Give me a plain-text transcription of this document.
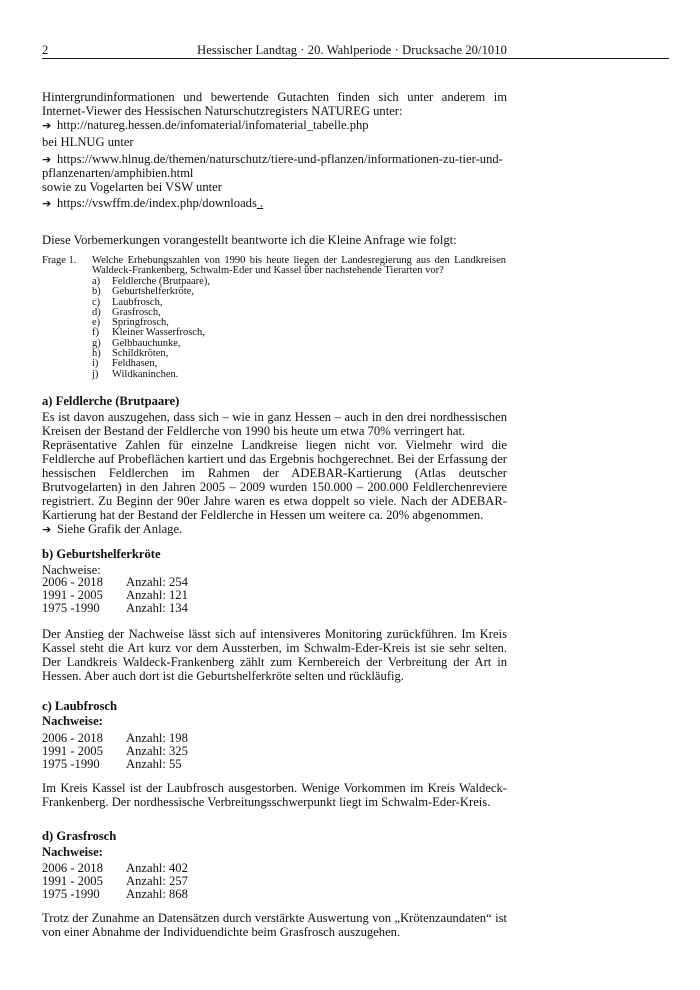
2	Hessischer Landtag · 20. Wahlperiode · Drucksache 20/1010

Hintergrundinformationen und bewertende Gutachten finden sich unter anderem im Internet-Viewer des Hessischen Naturschutzregisters NATUREG unter:

➔ http://natureg.hessen.de/infomaterial/infomaterial_tabelle.php
bei HLNUG unter
➔ https://www.hlnug.de/themen/naturschutz/tiere-und-pflanzen/informationen-zu-tier-und-
pflanzenarten/amphibien.html
sowie zu Vogelarten bei VSW unter
➔ https://vswffm.de/index.php/downloads .

Diese Vorbemerkungen vorangestellt beantworte ich die Kleine Anfrage wie folgt:

Frage 1. Welche Erhebungszahlen von 1990 bis heute liegen der Landesregierung aus den Landkreisen Waldeck-Frankenberg, Schwalm-Eder und Kassel über nachstehende Tierarten vor?

a) Feldlerche (Brutpaare),
b) Geburtshelferkröte,
c) Laubfrosch,
d) Grasfrosch,
e) Springfrosch,
f) Kleiner Wasserfrosch,
g) Gelbbauchunke,
h) Schildkröten,
i) Feldhasen,
j) Wildkaninchen.
a) Feldlerche (Brutpaare)

Es ist davon auszugehen, dass sich – wie in ganz Hessen – auch in den drei nordhessischen Kreisen der Bestand der Feldlerche von 1990 bis heute um etwa 70% verringert hat.

Repräsentative Zahlen für einzelne Landkreise liegen nicht vor. Vielmehr wird die Feldlerche auf Probeflächen kartiert und das Ergebnis hochgerechnet. Bei der Erfassung der hessischen Feldlerchen im Rahmen der ADEBAR-Kartierung (Atlas deutscher Brutvogelarten) in den Jahren 2005 – 2009 wurden 150.000 – 200.000 Feldlerchenreviere registriert. Zu Beginn der 90er Jahre waren es etwa doppelt so viele. Nach der ADEBAR-Kartierung hat der Bestand der Feldlerche in Hessen um weitere ca. 20% abgenommen.

➔ Siehe Grafik der Anlage.
b) Geburtshelferkröte
Nachweise:
2006 - 2018 Anzahl: 254
1991 - 2005 Anzahl: 121
1975 -1990 Anzahl: 134

Der Anstieg der Nachweise lässt sich auf intensiveres Monitoring zurückführen. Im Kreis Kassel steht die Art kurz vor dem Aussterben, im Schwalm-Eder-Kreis ist sie sehr selten. Der Landkreis Waldeck-Frankenberg zählt zum Kernbereich der Verbreitung der Art in Hessen. Aber auch dort ist die Geburtshelferkröte selten und rückläufig.

c) Laubfrosch
Nachweise:
2006 - 2018 Anzahl: 198
1991 - 2005 Anzahl: 325
1975 -1990 Anzahl: 55

Im Kreis Kassel ist der Laubfrosch ausgestorben. Wenige Vorkommen im Kreis Waldeck-Frankenberg. Der nordhessische Verbreitungsschwerpunkt liegt im Schwalm-Eder-Kreis.

d) Grasfrosch
Nachweise:
2006 - 2018 Anzahl: 402
1991 - 2005 Anzahl: 257
1975 -1990 Anzahl: 868

Trotz der Zunahme an Datensätzen durch verstärkte Auswertung von „Krötenzaundaten“ ist von einer Abnahme der Individuendichte beim Grasfrosch auszugehen.
